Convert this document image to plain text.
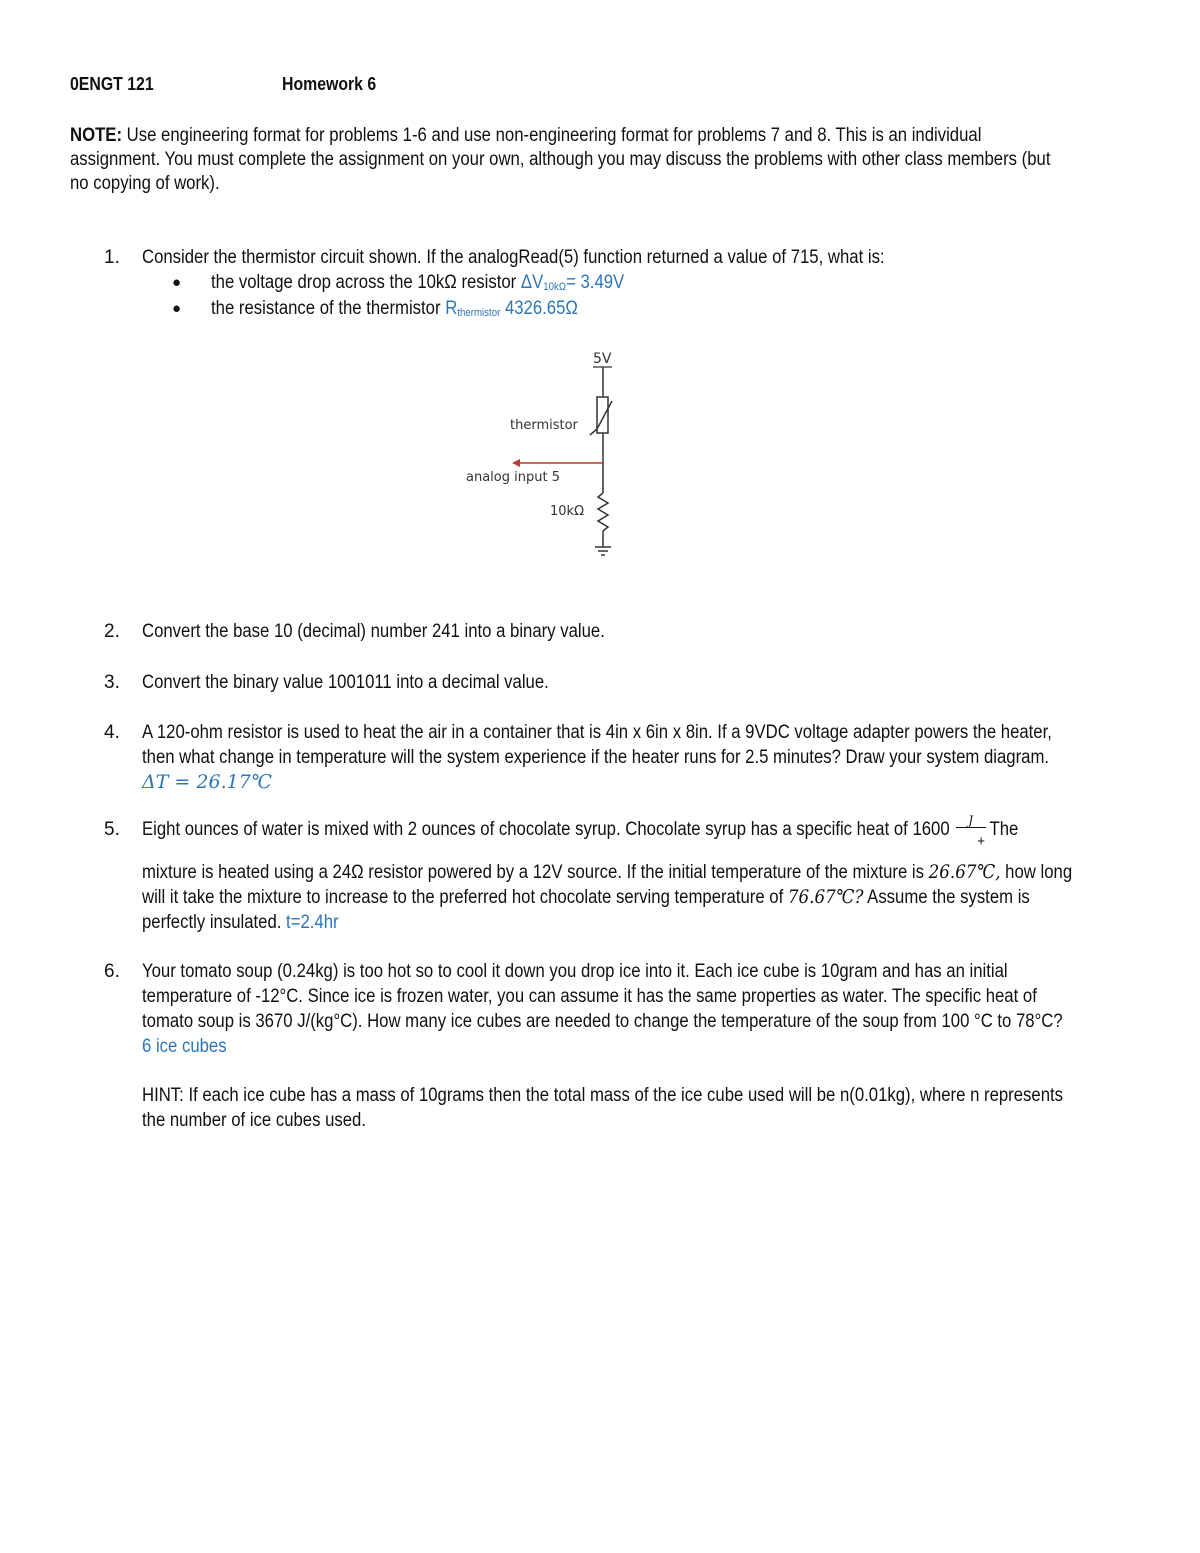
0ENGT 121	Homework 6
NOTE: Use engineering format for problems 1-6 and use non-engineering format for problems 7 and 8. This is an individual
assignment. You must complete the assignment on your own, although you may discuss the problems with other class members (but
no copying of work).
1. Consider the thermistor circuit shown. If the analogRead(5) function returned a value of 715, what is:
● the voltage drop across the 10kΩ resistor ΔV10kΩ= 3.49V
● the resistance of the thermistor Rthermistor 4326.65Ω
5V
thermistor
analog input 5
10kΩ
2. Convert the base 10 (decimal) number 241 into a binary value.
3. Convert the binary value 1001011 into a decimal value.
4. A 120-ohm resistor is used to heat the air in a container that is 4in x 6in x 8in. If a 9VDC voltage adapter powers the heater,
then what change in temperature will the system experience if the heater runs for 2.5 minutes? Draw your system diagram.
ΔT = 26.17℃
5. Eight ounces of water is mixed with 2 ounces of chocolate syrup. Chocolate syrup has a specific heat of 1600 J
+
The
mixture is heated using a 24Ω resistor powered by a 12V source. If the initial temperature of the mixture is 26.67℃, how long
will it take the mixture to increase to the preferred hot chocolate serving temperature of 76.67℃? Assume the system is
perfectly insulated. t=2.4hr
6. Your tomato soup (0.24kg) is too hot so to cool it down you drop ice into it. Each ice cube is 10gram and has an initial
temperature of -12°C. Since ice is frozen water, you can assume it has the same properties as water. The specific heat of
tomato soup is 3670 J/(kg°C). How many ice cubes are needed to change the temperature of the soup from 100 °C to 78°C?
6 ice cubes
HINT: If each ice cube has a mass of 10grams then the total mass of the ice cube used will be n(0.01kg), where n represents
the number of ice cubes used.
